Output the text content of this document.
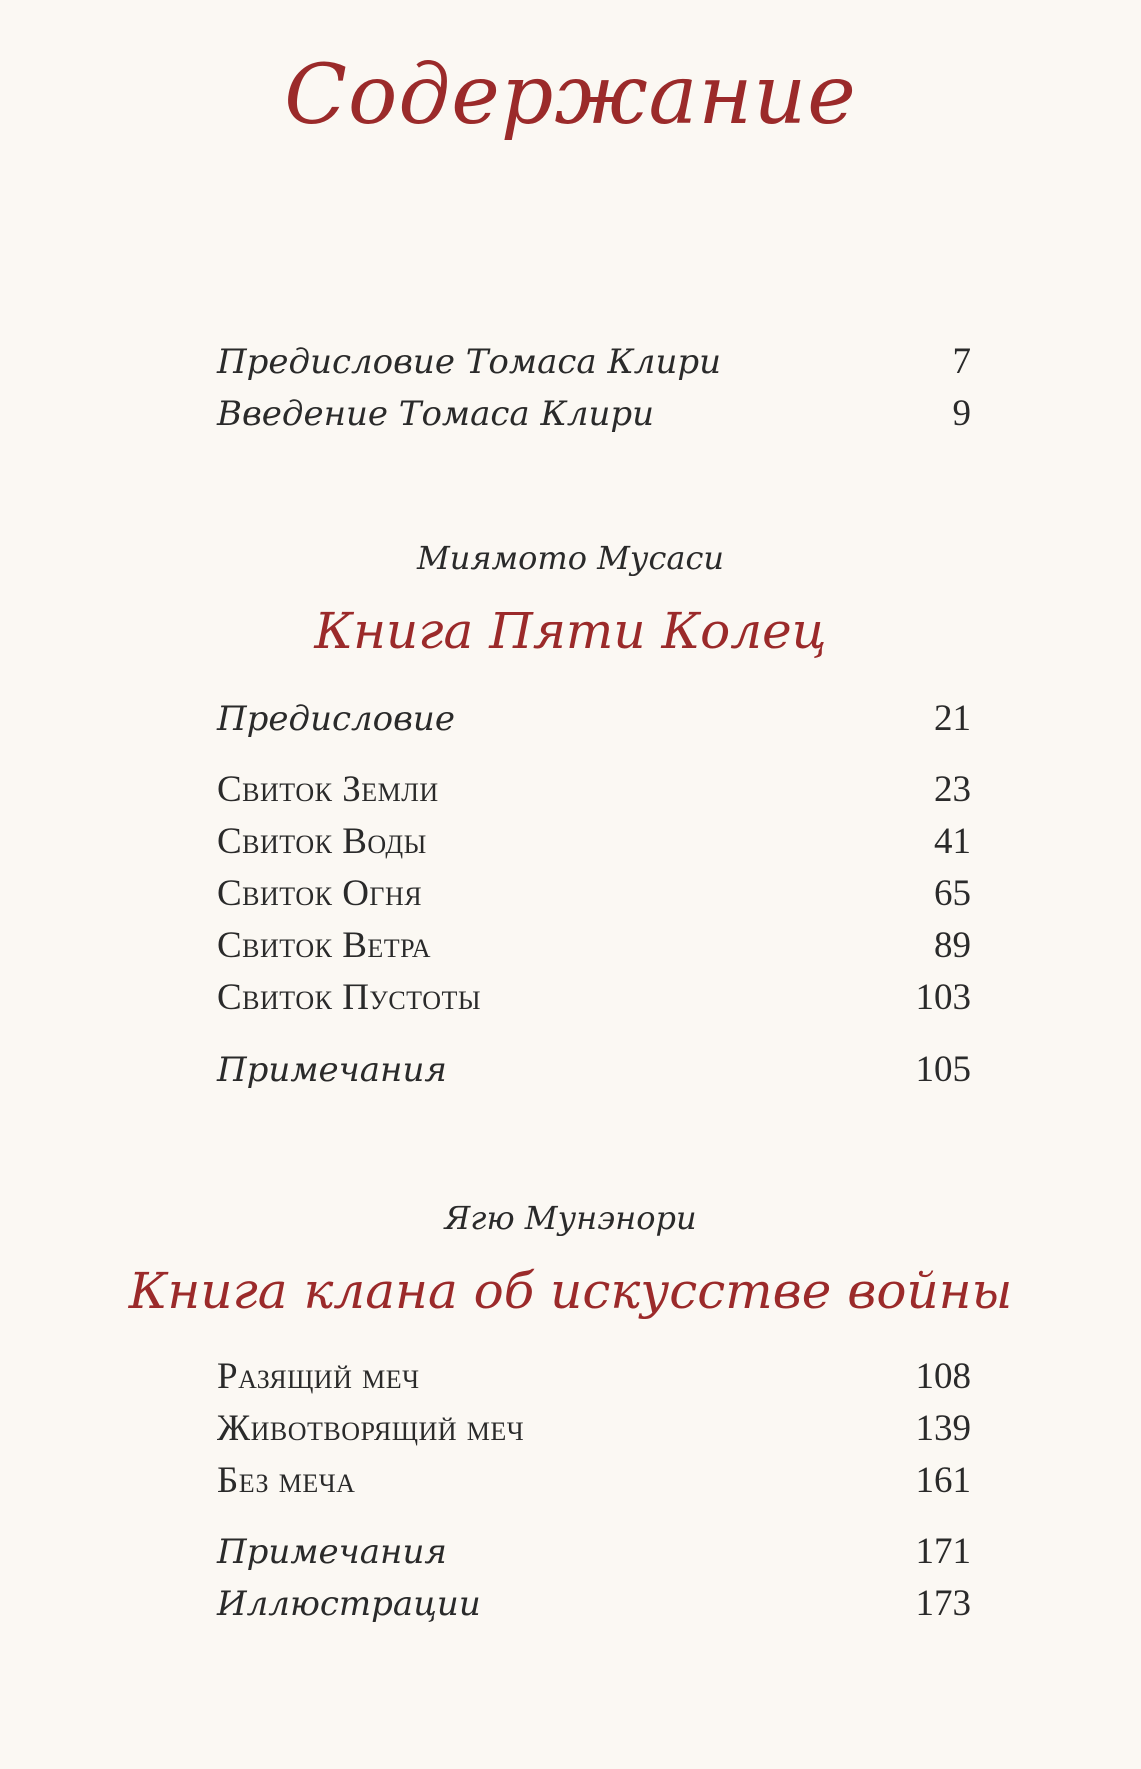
Содержание
Предисловие Томаса Клири	7
Введение Томаса Клири	9
Миямото Мусаси
Книга Пяти Колец
Предисловие	21
Свиток Земли	23
Свиток Воды	41
Свиток Огня	65
Свиток Ветра	89
Свиток Пустоты	103
Примечания	105
Ягю Мунэнори
Книга клана об искусстве войны
Разящий меч	108
Животворящий меч	139
Без меча	161
Примечания	171
Иллюстрации	173
